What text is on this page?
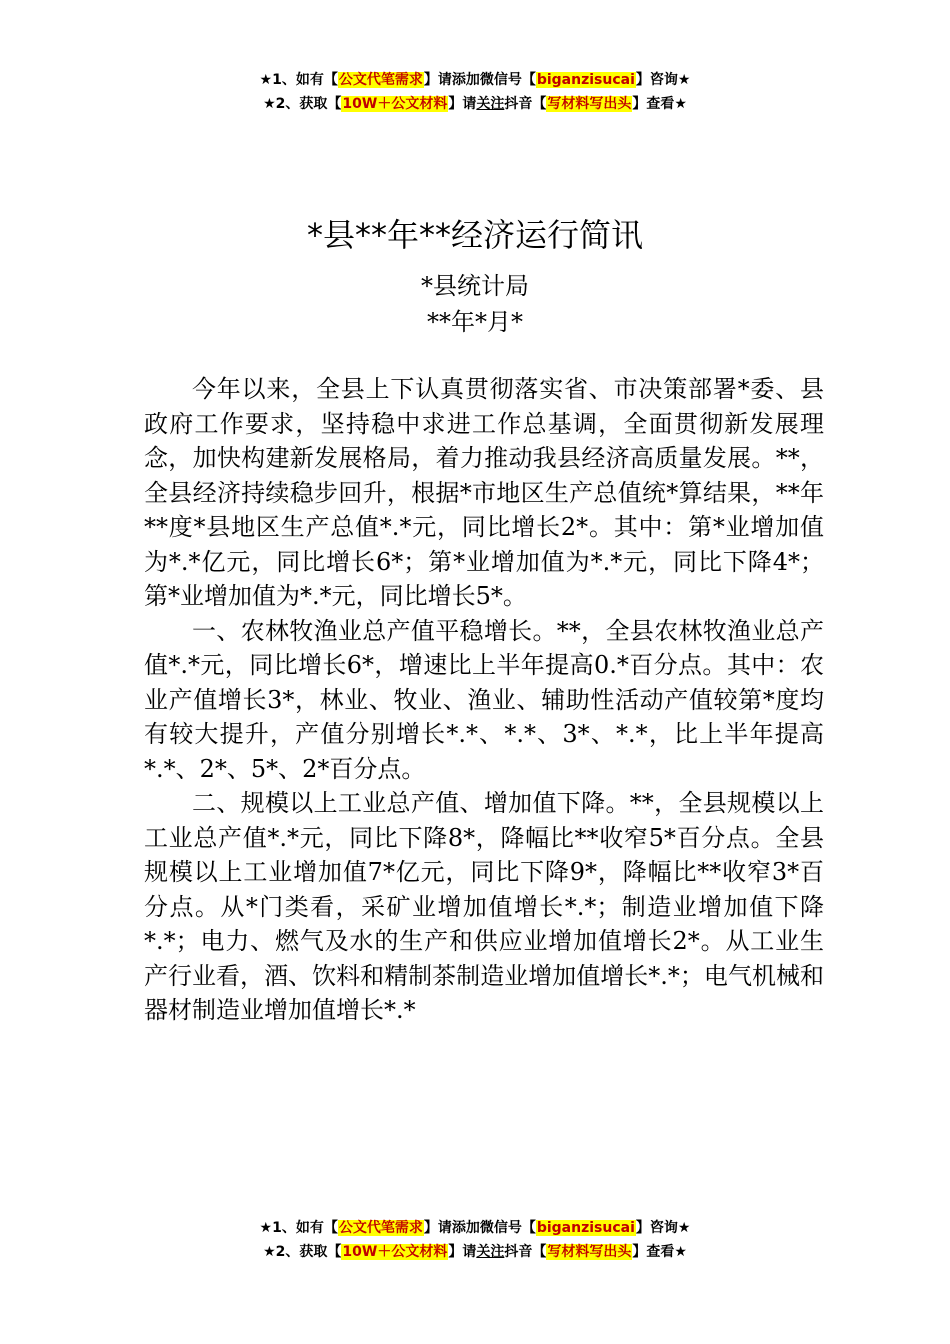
★1、如有【公文代笔需求】请添加微信号【biganzisucai】咨询★
★2、获取【10W＋公文材料】请关注抖音【写材料写出头】查看★
*县**年**经济运行简讯
*县统计局
**年*月*

今年以来，全县上下认真贯彻落实省、市决策部署*委、县政府工作要求，坚持稳中求进工作总基调，全面贯彻新发展理念，加快构建新发展格局，着力推动我县经济高质量发展。**，全县经济持续稳步回升，根据*市地区生产总值统*算结果，**年**度*县地区生产总值*.*元，同比增长2*。其中：第*业增加值为*.*亿元，同比增长6*；第*业增加值为*.*元，同比下降4*；第*业增加值为*.*元，同比增长5*。

一、农林牧渔业总产值平稳增长。**，全县农林牧渔业总产值*.*元，同比增长6*，增速比上半年提高0.*百分点。其中：农业产值增长3*，林业、牧业、渔业、辅助性活动产值较第*度均有较大提升，产值分别增长*.*、*.*、3*、*.*，比上半年提高*.*、2*、5*、2*百分点。

二、规模以上工业总产值、增加值下降。**，全县规模以上工业总产值*.*元，同比下降8*，降幅比**收窄5*百分点。全县规模以上工业增加值7*亿元，同比下降9*，降幅比**收窄3*百分点。从*门类看，采矿业增加值增长*.*；制造业增加值下降*.*；电力、燃气及水的生产和供应业增加值增长2*。从工业生产行业看，酒、饮料和精制茶制造业增加值增长*.*；电气机械和器材制造业增加值增长*.*

★1、如有【公文代笔需求】请添加微信号【biganzisucai】咨询★
★2、获取【10W＋公文材料】请关注抖音【写材料写出头】查看★
